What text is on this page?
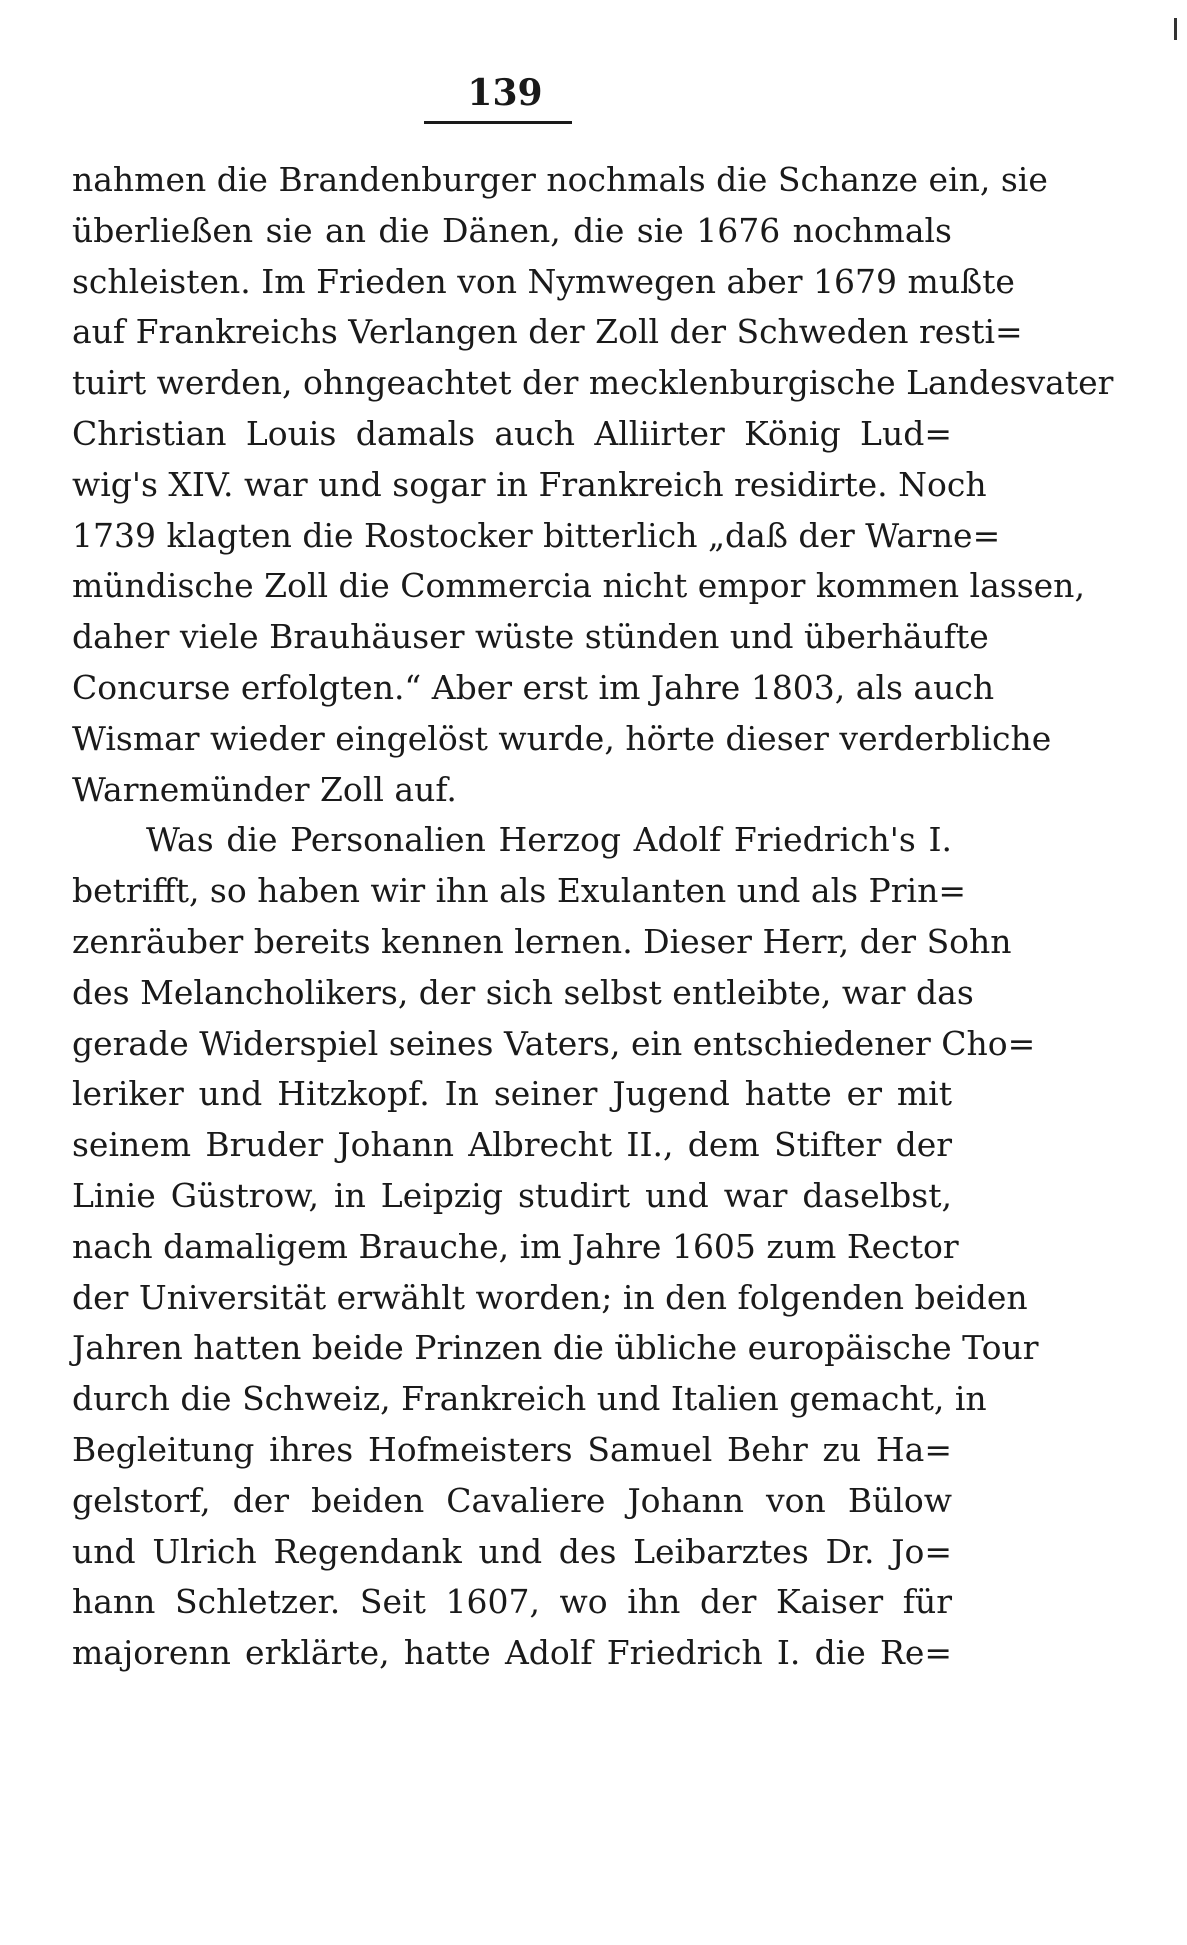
139
nahmen die Brandenburger nochmals die Schanze ein, sie
überließen sie an die Dänen, die sie 1676 nochmals
schleisten. Im Frieden von Nymwegen aber 1679 mußte
auf Frankreichs Verlangen der Zoll der Schweden resti=
tuirt werden, ohngeachtet der mecklenburgische Landesvater
Christian Louis damals auch Alliirter König Lud=
wig's XIV. war und sogar in Frankreich residirte. Noch
1739 klagten die Rostocker bitterlich „daß der Warne=
mündische Zoll die Commercia nicht empor kommen lassen,
daher viele Brauhäuser wüste stünden und überhäufte
Concurse erfolgten.“ Aber erst im Jahre 1803, als auch
Wismar wieder eingelöst wurde, hörte dieser verderbliche
Warnemünder Zoll auf.
Was die Personalien Herzog Adolf Friedrich's I.
betrifft, so haben wir ihn als Exulanten und als Prin=
zenräuber bereits kennen lernen. Dieser Herr, der Sohn
des Melancholikers, der sich selbst entleibte, war das
gerade Widerspiel seines Vaters, ein entschiedener Cho=
leriker und Hitzkopf. In seiner Jugend hatte er mit
seinem Bruder Johann Albrecht II., dem Stifter der
Linie Güstrow, in Leipzig studirt und war daselbst,
nach damaligem Brauche, im Jahre 1605 zum Rector
der Universität erwählt worden; in den folgenden beiden
Jahren hatten beide Prinzen die übliche europäische Tour
durch die Schweiz, Frankreich und Italien gemacht, in
Begleitung ihres Hofmeisters Samuel Behr zu Ha=
gelstorf, der beiden Cavaliere Johann von Bülow
und Ulrich Regendank und des Leibarztes Dr. Jo=
hann Schletzer. Seit 1607, wo ihn der Kaiser für
majorenn erklärte, hatte Adolf Friedrich I. die Re=
